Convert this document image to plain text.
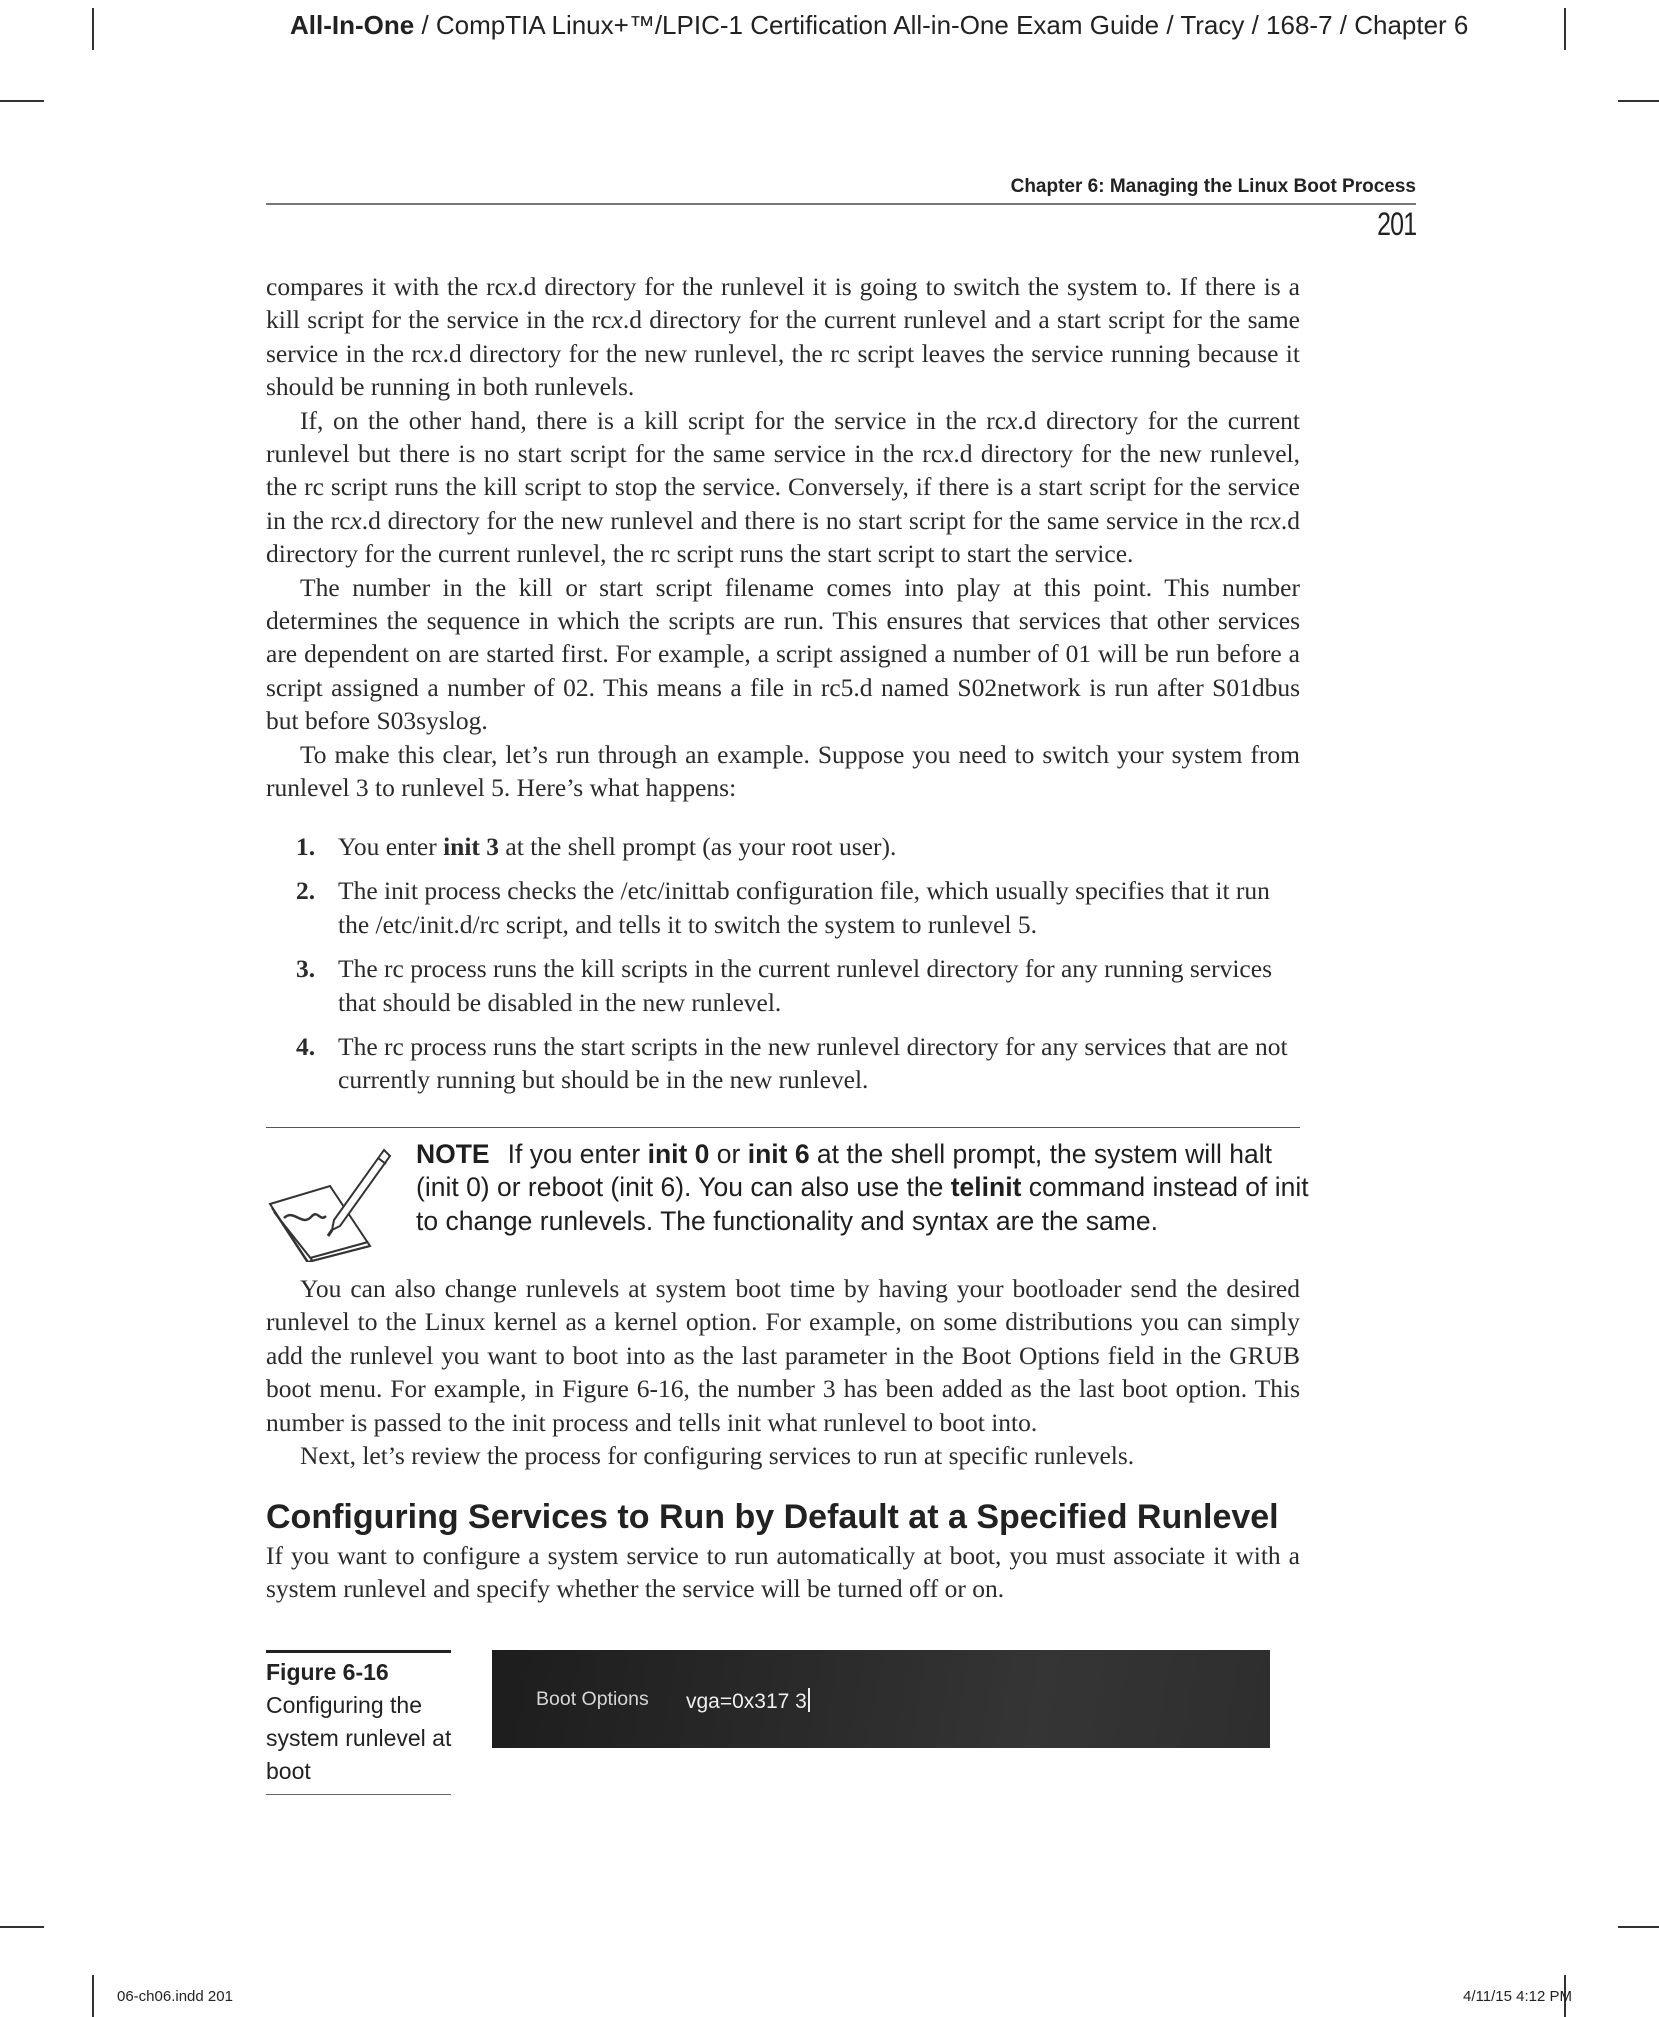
All-In-One / CompTIA Linux+™/LPIC-1 Certification All-in-One Exam Guide / Tracy / 168-7 / Chapter 6
Chapter 6: Managing the Linux Boot Process
201

compares it with the rcx.d directory for the runlevel it is going to switch the system to. If there is a kill script for the service in the rcx.d directory for the current runlevel and a start script for the same service in the rcx.d directory for the new runlevel, the rc script leaves the service running because it should be running in both runlevels.

If, on the other hand, there is a kill script for the service in the rcx.d directory for the current runlevel but there is no start script for the same service in the rcx.d directory for the new runlevel, the rc script runs the kill script to stop the service. Conversely, if there is a start script for the service in the rcx.d directory for the new runlevel and there is no start script for the same service in the rcx.d directory for the current runlevel, the rc script runs the start script to start the service.

The number in the kill or start script filename comes into play at this point. This number determines the sequence in which the scripts are run. This ensures that services that other services are dependent on are started first. For example, a script assigned a number of 01 will be run before a script assigned a number of 02. This means a file in rc5.d named S02network is run after S01dbus but before S03syslog.

To make this clear, let’s run through an example. Suppose you need to switch your system from runlevel 3 to runlevel 5. Here’s what happens:

1. You enter init 3 at the shell prompt (as your root user).
2. The init process checks the /etc/inittab configuration file, which usually specifies that it run the /etc/init.d/rc script, and tells it to switch the system to runlevel 5.
3. The rc process runs the kill scripts in the current runlevel directory for any running services that should be disabled in the new runlevel.
4. The rc process runs the start scripts in the new runlevel directory for any services that are not currently running but should be in the new runlevel.
NOTE If you enter init 0 or init 6 at the shell prompt, the system will halt (init 0) or reboot (init 6). You can also use the telinit command instead of init to change runlevels. The functionality and syntax are the same.

You can also change runlevels at system boot time by having your bootloader send the desired runlevel to the Linux kernel as a kernel option. For example, on some distributions you can simply add the runlevel you want to boot into as the last parameter in the Boot Options field in the GRUB boot menu. For example, in Figure 6-16, the number 3 has been added as the last boot option. This number is passed to the init process and tells init what runlevel to boot into.

Next, let’s review the process for configuring services to run at specific runlevels.

Configuring Services to Run by Default at a Specified Runlevel

If you want to configure a system service to run automatically at boot, you must associate it with a system runlevel and specify whether the service will be turned off or on.

Figure 6-16
Configuring the system runlevel at boot
Boot Options vga=0x317 3
06-ch06.indd 201	4/11/15 4:12 PM
